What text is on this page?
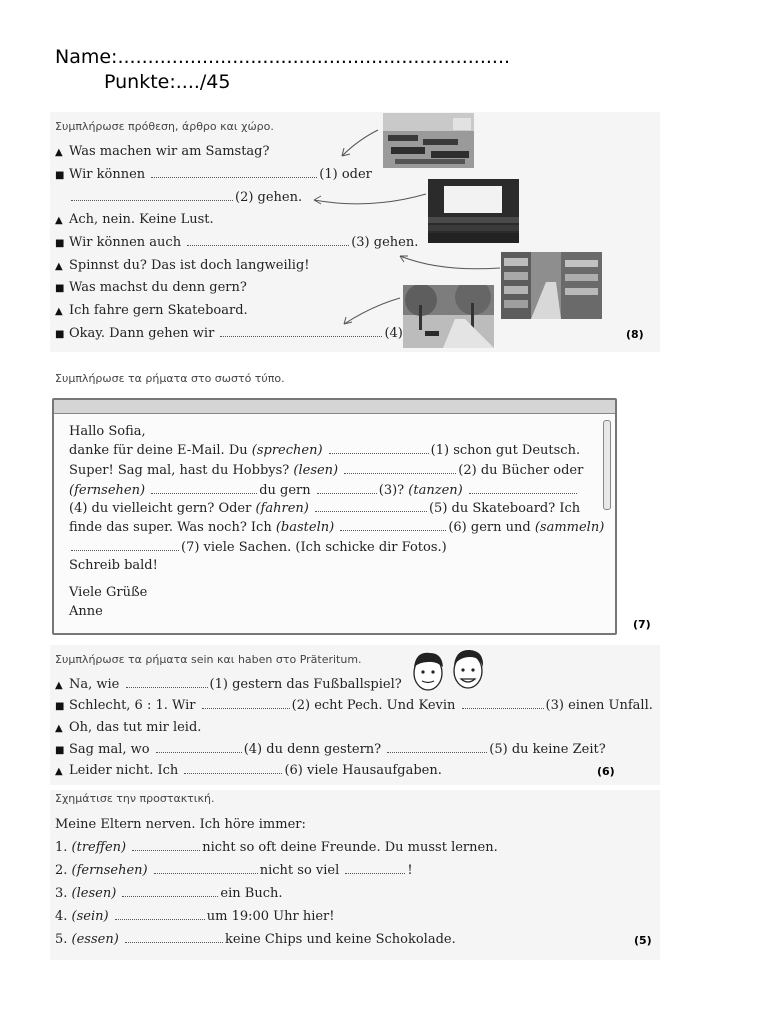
Name:.................................................................
Punkte:..../45
Συμπλήρωσε πρόθεση, άρθρο και χώρο.
▲ Was machen wir am Samstag?
■ Wir können	(1) oder
(2) gehen.
▲ Ach, nein. Keine Lust.
■ Wir können auch	(3) gehen.
▲ Spinnst du? Das ist doch langweilig!
■ Was machst du denn gern?
▲ Ich fahre gern Skateboard.
■ Okay. Dann gehen wir	(4)	(8)
Συμπλήρωσε τα ρήματα στο σωστό τύπο.
Hallo Sofia,
danke für deine E-Mail. Du (sprechen)	(1) schon gut Deutsch.
Super! Sag mal, hast du Hobbys? (lesen)	(2) du Bücher oder
(fernsehen)	du gern	(3)? (tanzen)
(4) du vielleicht gern? Oder (fahren)	(5) du Skateboard? Ich
finde das super. Was noch? Ich (basteln)	(6) gern und (sammeln)
(7) viele Sachen. (Ich schicke dir Fotos.)
Schreib bald!
Viele Grüße
Anne
(7)
Συμπλήρωσε τα ρήματα sein και haben στο Präteritum.
▲ Na, wie	(1) gestern das Fußballspiel?
■ Schlecht, 6 : 1. Wir	(2) echt Pech. Und Kevin	(3) einen Unfall.
▲ Oh, das tut mir leid.
■ Sag mal, wo	(4) du denn gestern?	(5) du keine Zeit?
▲ Leider nicht. Ich	(6) viele Hausaufgaben.	(6)
Σχημάτισε την προστακτική.
Meine Eltern nerven. Ich höre immer:
1. (treffen)	nicht so oft deine Freunde. Du musst lernen.
2. (fernsehen)	nicht so viel	!
3. (lesen)	ein Buch.
4. (sein)	um 19:00 Uhr hier!
5. (essen)	keine Chips und keine Schokolade.	(5)
